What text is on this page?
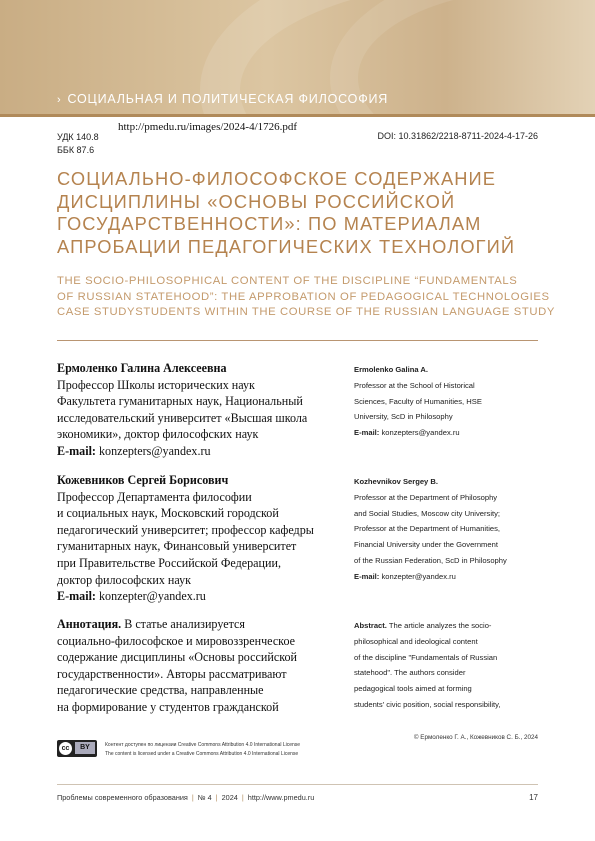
› СОЦИАЛЬНАЯ И ПОЛИТИЧЕСКАЯ ФИЛОСОФИЯ
http://pmedu.ru/images/2024-4/1726.pdf
УДК 140.8
ББК 87.6
DOI: 10.31862/2218-8711-2024-4-17-26
СОЦИАЛЬНО-ФИЛОСОФСКОЕ СОДЕРЖАНИЕ
ДИСЦИПЛИНЫ «ОСНОВЫ РОССИЙСКОЙ
ГОСУДАРСТВЕННОСТИ»: ПО МАТЕРИАЛАМ
АПРОБАЦИИ ПЕДАГОГИЧЕСКИХ ТЕХНОЛОГИЙ
THE SOCIO-PHILOSOPHICAL CONTENT OF THE DISCIPLINE “FUNDAMENTALS
OF RUSSIAN STATEHOOD”: THE APPROBATION OF PEDAGOGICAL TECHNOLOGIES
CASE STUDYSTUDENTS WITHIN THE COURSE OF THE RUSSIAN LANGUAGE STUDY
Ермоленко Галина Алексеевна
Профессор Школы исторических наук
Факультета гуманитарных наук, Национальный
исследовательский университет «Высшая школа
экономики», доктор философских наук
E-mail: konzepters@yandex.ru
Ermolenko Galina A.
Professor at the School of Historical
Sciences, Faculty of Humanities, HSE
University, ScD in Philosophy
E-mail: konzepters@yandex.ru
Кожевников Сергей Борисович
Профессор Департамента философии
и социальных наук, Московский городской
педагогический университет; профессор кафедры
гуманитарных наук, Финансовый университет
при Правительстве Российской Федерации,
доктор философских наук
E-mail: konzepter@yandex.ru
Kozhevnikov Sergey B.
Professor at the Department of Philosophy
and Social Studies, Moscow city University;
Professor at the Department of Humanities,
Financial University under the Government
of the Russian Federation, ScD in Philosophy
E-mail: konzepter@yandex.ru
Аннотация. В статье анализируется
социально-философское и мировоззренческое
содержание дисциплины «Основы российской
государственности». Авторы рассматривают
педагогические средства, направленные
на формирование у студентов гражданской
Abstract. The article analyzes the socio-
philosophical and ideological content
of the discipline "Fundamentals of Russian
statehood". The authors consider
pedagogical tools aimed at forming
students' civic position, social responsibility,
© Ермоленко Г. А., Кожевников С. Б., 2024
cc	BY	Контент доступен по лицензии Creative Commons Attribution 4.0 International License
The content is licensed under a Creative Commons Attribution 4.0 International License
Проблемы современного образования | № 4 | 2024 | http://www.pmedu.ru	17
